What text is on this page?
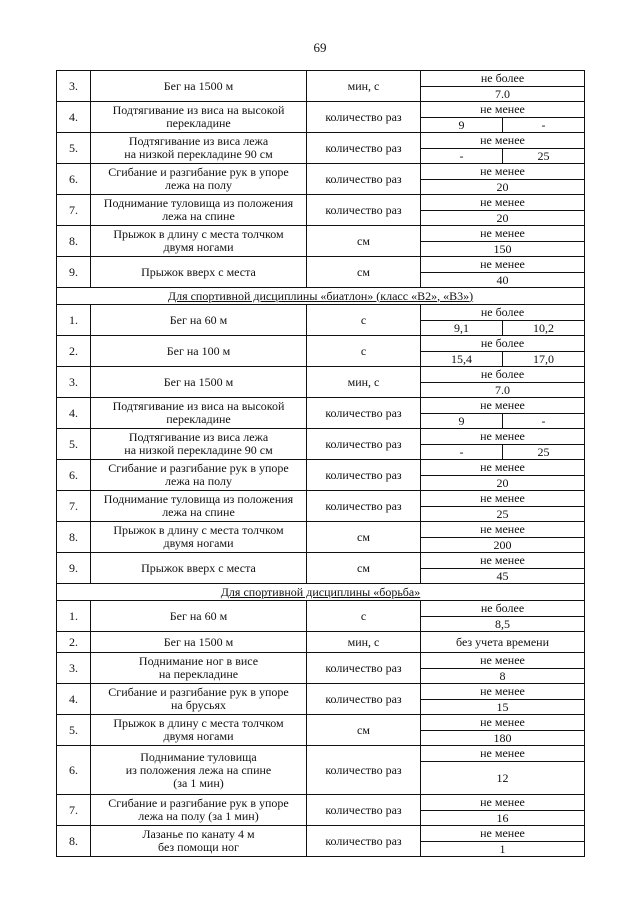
69
3.	Бег на 1500 м	мин, с	не более
7.0

4.	Подтягивание из виса на высокой
перекладине	количество раз	не менее
9 -

5.	Подтягивание из виса лежа
на низкой перекладине 90 см	количество раз	не менее
- 25

6.	Сгибание и разгибание рук в упоре
лежа на полу	количество раз	не менее
20

7.	Поднимание туловища из положения
лежа на спине	количество раз	не менее
20

8.	Прыжок в длину с места толчком
двумя ногами	см	не менее
150

9.	Прыжок вверх с места	см	не менее
40

Для спортивной дисциплины «биатлон» (класс «B2», «B3»)			
1.	Бег на 60 м	с	не более
9,1 10,2

2.	Бег на 100 м	с	не более
15,4 17,0

3.	Бег на 1500 м	мин, с	не более
7.0

4.	Подтягивание из виса на высокой
перекладине	количество раз	не менее
9 -

5.	Подтягивание из виса лежа
на низкой перекладине 90 см	количество раз	не менее
- 25

6.	Сгибание и разгибание рук в упоре
лежа на полу	количество раз	не менее
20

7.	Поднимание туловища из положения
лежа на спине	количество раз	не менее
25

8.	Прыжок в длину с места толчком
двумя ногами	см	не менее
200

9.	Прыжок вверх с места	см	не менее
45

Для спортивной дисциплины «борьба»			
1.	Бег на 60 м	с	не более
8,5

2.	Бег на 1500 м	мин, с	без учета времени

3.	Поднимание ног в висе
на перекладине	количество раз	не менее
8

4.	Сгибание и разгибание рук в упоре
на брусьях	количество раз	не менее
15

5.	Прыжок в длину с места толчком
двумя ногами	см	не менее
180

6.	Поднимание туловища
из положения лежа на спине
(за 1 мин)	количество раз	не менее
12

7.	Сгибание и разгибание рук в упоре
лежа на полу (за 1 мин)	количество раз	не менее
16

8.	Лазанье по канату 4 м
без помощи ног	количество раз	не менее
1
